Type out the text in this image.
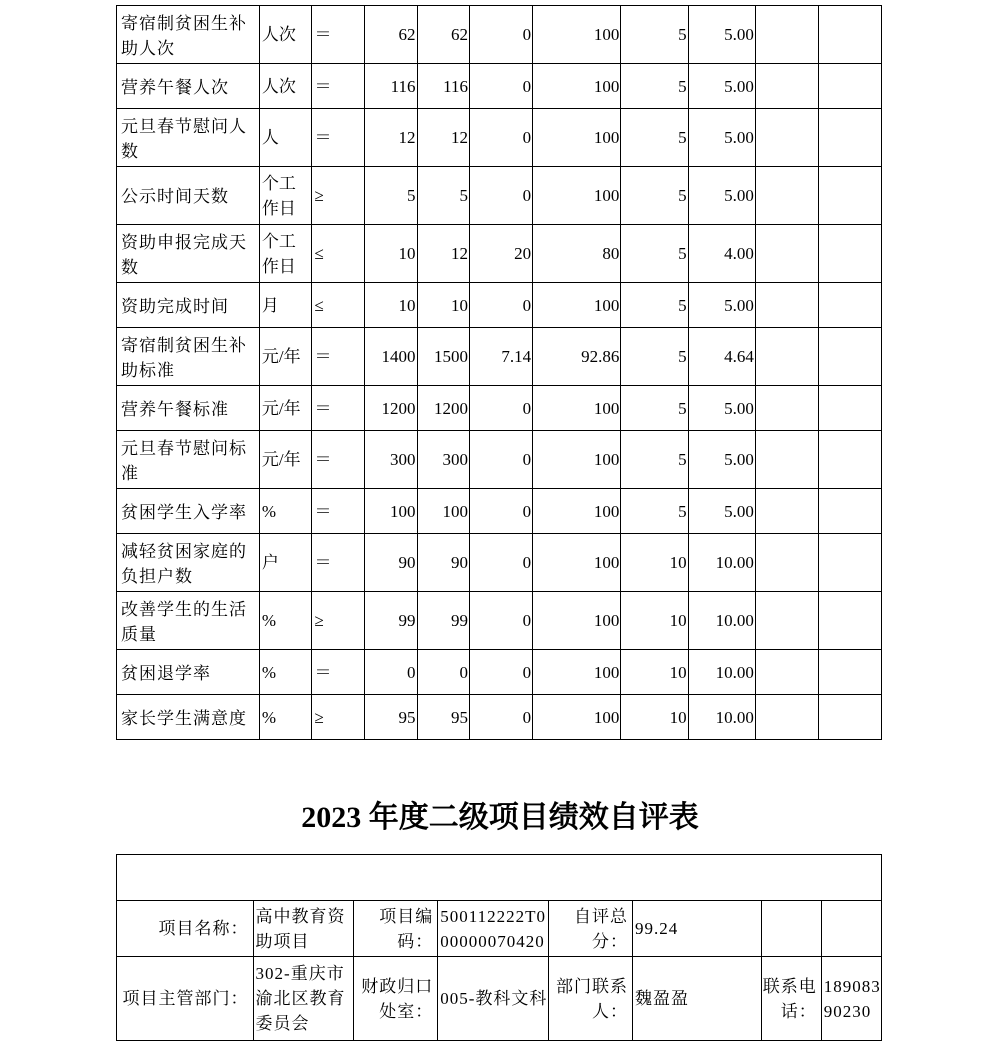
寄宿制贫困生补助人次	人次	＝	62	62	0	100	5	5.00		
营养午餐人次	人次	＝	116	116	0	100	5	5.00		
元旦春节慰问人数	人	＝	12	12	0	100	5	5.00		
公示时间天数	个工作日	≥	5	5	0	100	5	5.00		
资助申报完成天数	个工作日	≤	10	12	20	80	5	4.00		
资助完成时间	月	≤	10	10	0	100	5	5.00		
寄宿制贫困生补助标准	元/年	＝	1400	1500	7.14	92.86	5	4.64		
营养午餐标准	元/年	＝	1200	1200	0	100	5	5.00		
元旦春节慰问标准	元/年	＝	300	300	0	100	5	5.00		
贫困学生入学率	%	＝	100	100	0	100	5	5.00		
减轻贫困家庭的负担户数	户	＝	90	90	0	100	10	10.00		
改善学生的生活质量	%	≥	99	99	0	100	10	10.00		
贫困退学率	%	＝	0	0	0	100	10	10.00		
家长学生满意度	%	≥	95	95	0	100	10	10.00		
2023 年度二级项目绩效自评表

项目名称：	高中教育资助项目	项目编码：	500112222T000000070420	自评总分：	99.24		
项目主管部门：	302-重庆市渝北区教育委员会	财政归口处室：	005-教科文科	部门联系人：	魏盈盈	联系电话：	18908390230
